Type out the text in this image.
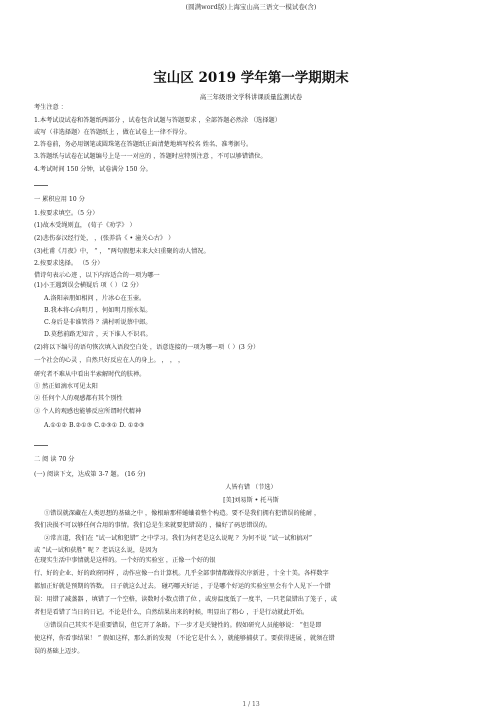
(圆满word版)上海宝山高三语文一模试卷(含)
宝山区 2019 学年第一学期期末
高三年级语文学科讲课质量监测试卷
考生注意 ：
1.本考试设试卷和答题纸两部分 ，试卷包含试题与答题要求 ，全部答题必然涂 （选择题）
或写（非选择题）在答题纸上 ，做在试卷上一律不得分。
2.答卷前，务必用钢笔或圆珠笔在答题纸正面清楚地填写校名 姓名、准考据号。
3.答题纸与试卷在试题编号上是一一对应的 ，答题时应特别注意 ，不可以够错错位。
4.考试时间 150 分钟，试卷满分 150 分。
一 累积应用 10 分
1.按要求填空。（5 分）
(1)故木受绳则直， (荀子《劝学》 ）
(2)悲伤泰汉经行处， ，(张养浩《 • 潼关心古》 ）
(3)杜甫《月夜》中， “ ， ”两句假想未来大妇重聚的动人情况。
2.按要求选择。 （5 分）
借诗句表示心迹 ，以下内容适合的一项为哪一
(1)小王遇到误会横疑后 项（ ）（2 分）
A.洛阳亲朋如相问 ，片冰心在玉壶。
B.我本将心向明月 ，何如明月照水渠。
C.身后是非谁管得 ？满村听说蔡中郎。
D.莫愁前路无知音 ，天下谁人不识君。
(2)将以下编号的语句恢次填入语段空白处 ，语意连接的一项为哪一项（ ）(3 分）
一个社会的心灵 ，自然只好反应在人的身上。 ， ， ，
研究者不难从中看出半索解时代的肤禅。
① 然正如滴水可见太阳
② 任何个人的观感都有其个别性
③ 个人的观感也能够反应所谓时代精神
A.①①② B.②①③ C.②③① D. ①②③
二 阅 读 70 分
(一) 阅读下文，达成第 3-7 题。 (16 分)
人皆有错 （节选）
[美]刘易斯 • 托马斯
①错误就深藏在人类思想的基础之中 ，像根暗那样蜷蛐着整个构造。要不是我们拥有犯错误的能耐 ，
我们决损不可以够任何合用的事情。我们总是生来就要犯错误的 ，偏好了码思错误的。
②常言道，我们在 “试一试和犯错” 之中学习。我们为何老是这么说呢 ？为何不说 “试一试和搞对”
或 “试一试和获胜” 呢 ？老话这么说，是因为
在现实生活中事情就是这样的。一个好的实验室 ，正像一个好的银
行、好的企业、好的政府同样 ，动作应像一台计算机。几乎全部事情都做得次序新进 ，十全十美。各样数字
都加正好就是预期的答数。 日子就这么过去。 碰巧哪天好运 ，于是哪个好运的实验室里会有个人见下一个错
误：用错了减蒸器 ，填错了一个空格，读数时小数点错了位 ，或房温度低了一度半，一只老鼠错出了笼子 ，或
者但是看错了当日的日记。不论是什么，自然结果出来的时候，明显出了粗心 ，于是行动就此开始。
③错误自己其实不是重要错误，但它开了条路。下一步才是关键性的。假如研究人员能够说： “但是即
使这样，你看事结果！ ” 假如这样，那么新的发现 （不论它是什么 ），就能够捕获了。要获得进展 ，就须在错
误的基础上迈步。
1 / 13
